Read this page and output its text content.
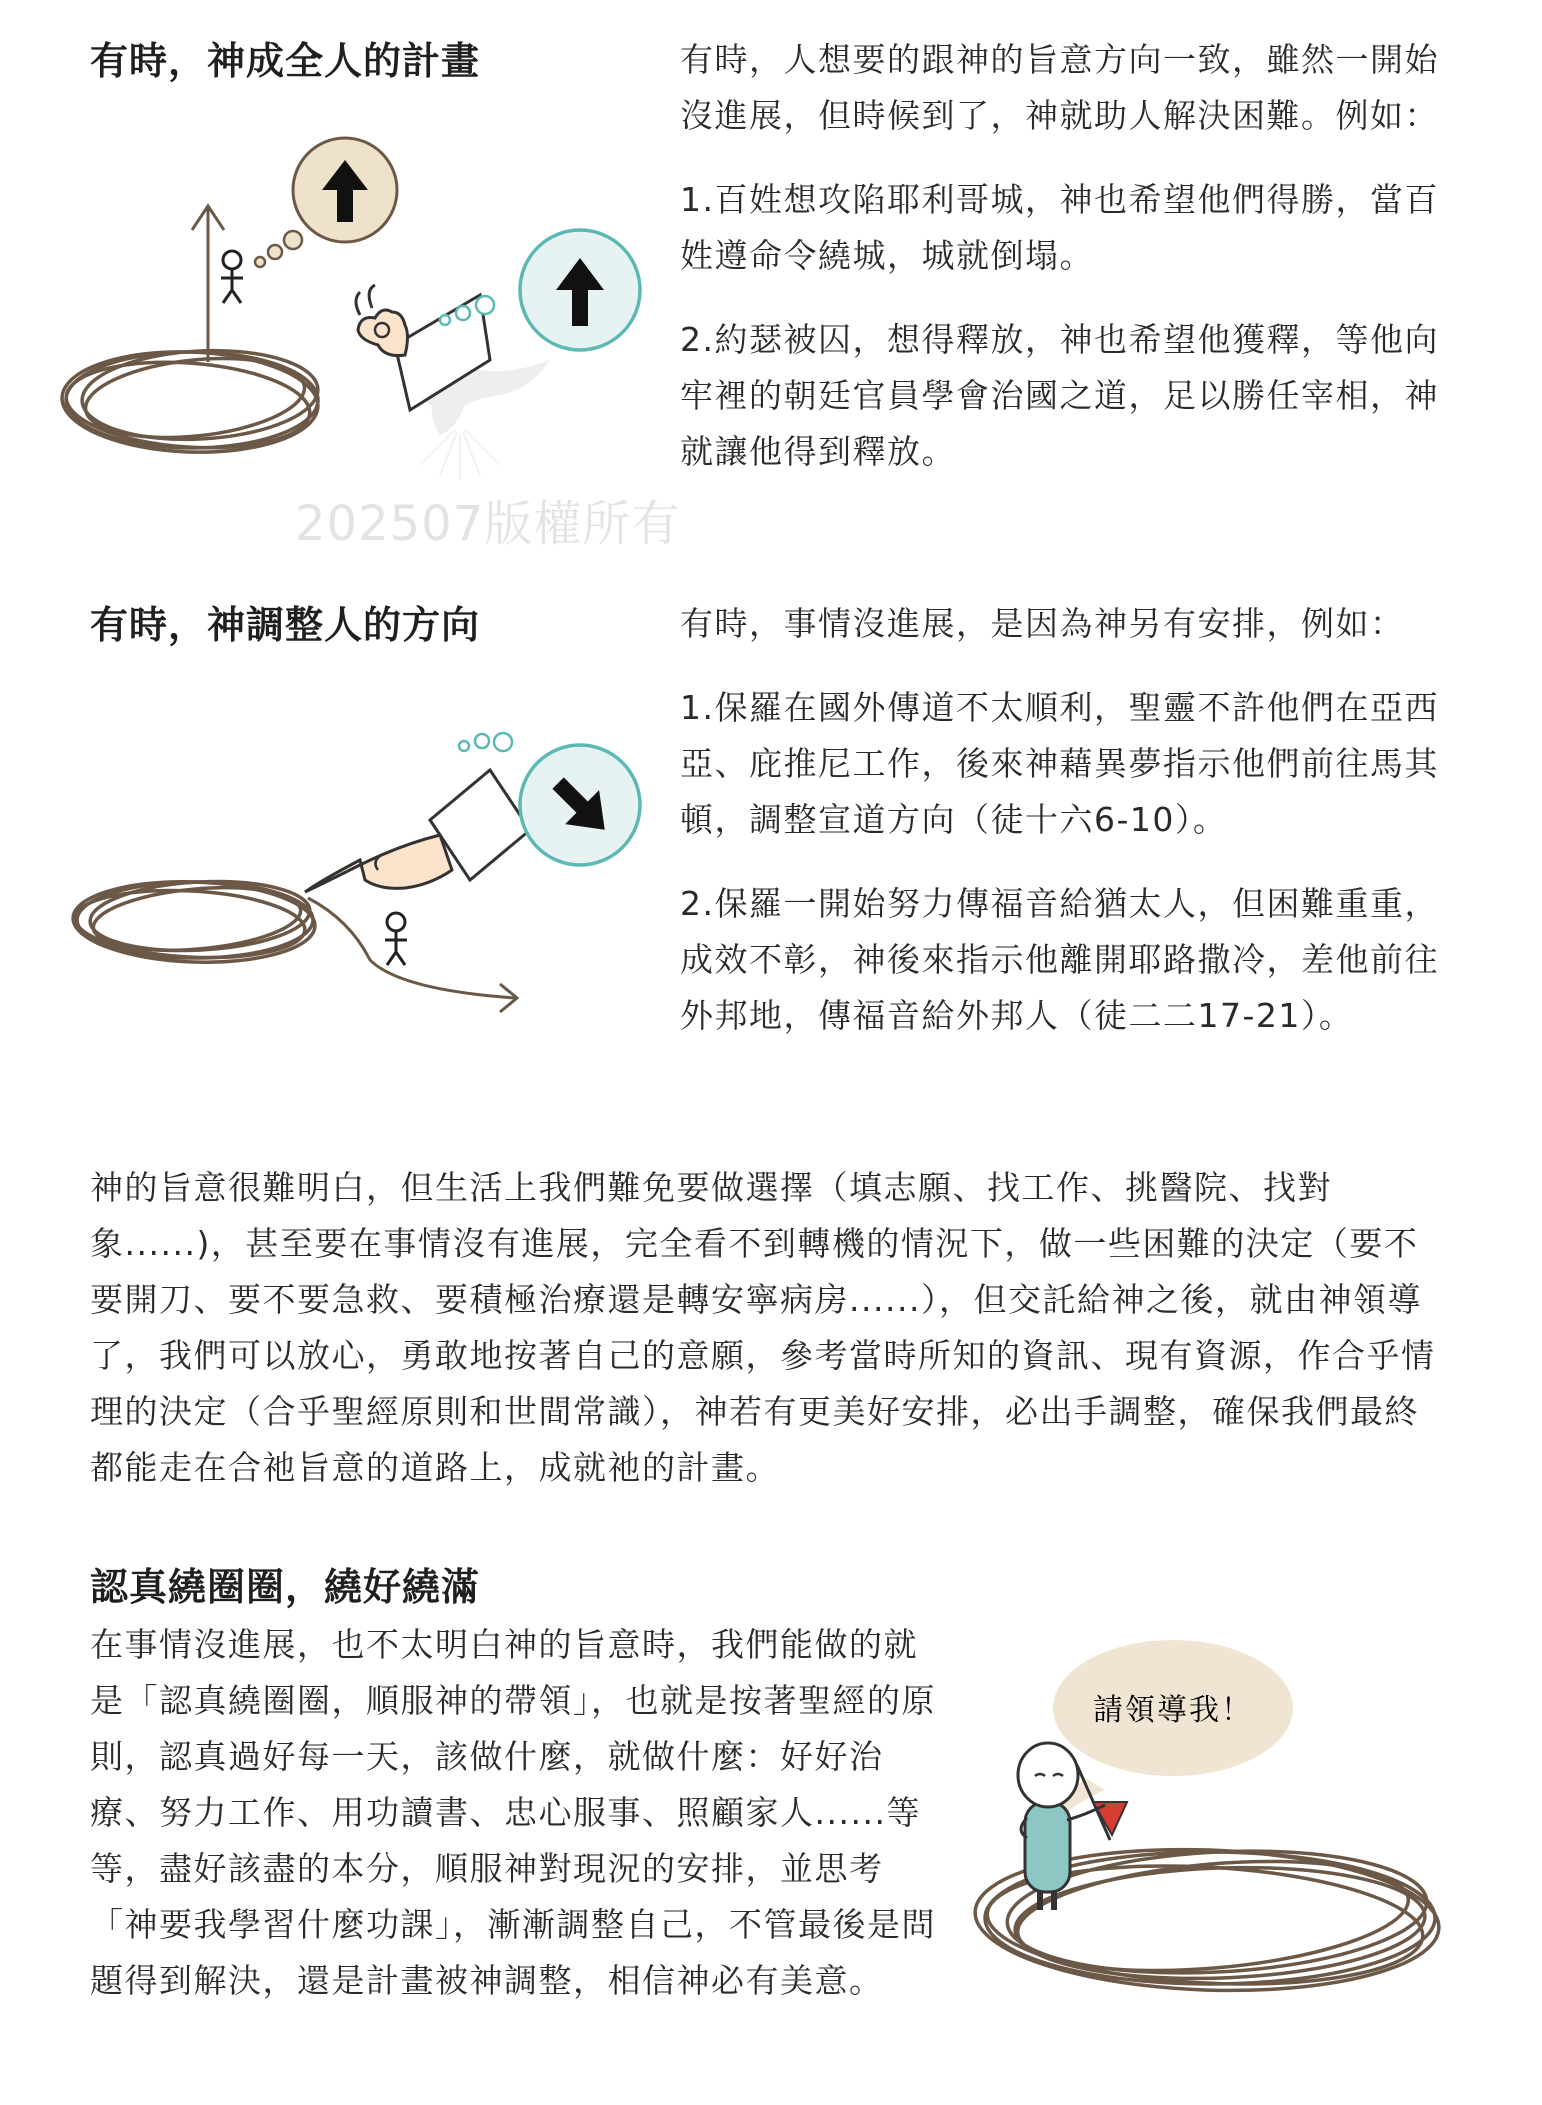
有時，神成全人的計畫	有時，人想要的跟神的旨意方向一致，雖然一開始沒進展，但時候到了，神就助人解決困難。例如：

1.百姓想攻陷耶利哥城，神也希望他們得勝，當百姓遵命令繞城，城就倒塌。

2.約瑟被囚，想得釋放，神也希望他獲釋，等他向牢裡的朝廷官員學會治國之道，足以勝任宰相，神就讓他得到釋放。

202507版權所有
有時，神調整人的方向	有時，事情沒進展，是因為神另有安排，例如：

1.保羅在國外傳道不太順利，聖靈不許他們在亞西亞、庇推尼工作，後來神藉異夢指示他們前往馬其頓，調整宣道方向（徒十六6-10）。

2.保羅一開始努力傳福音給猶太人，但困難重重，成效不彰，神後來指示他離開耶路撒冷，差他前往外邦地，傳福音給外邦人（徒二二17-21）。

神的旨意很難明白，但生活上我們難免要做選擇（填志願、找工作、挑醫院、找對象......)，甚至要在事情沒有進展，完全看不到轉機的情況下，做一些困難的決定（要不要開刀、要不要急救、要積極治療還是轉安寧病房......），但交託給神之後，就由神領導了，我們可以放心，勇敢地按著自己的意願，參考當時所知的資訊、現有資源，作合乎情理的決定（合乎聖經原則和世間常識），神若有更美好安排，必出手調整，確保我們最終都能走在合祂旨意的道路上，成就祂的計畫。

認真繞圈圈，繞好繞滿

在事情沒進展，也不太明白神的旨意時，我們能做的就是「認真繞圈圈，順服神的帶領」，也就是按著聖經的原則，認真過好每一天，該做什麼，就做什麼：好好治療、努力工作、用功讀書、忠心服事、照顧家人......等等，盡好該盡的本分，順服神對現況的安排，並思考「神要我學習什麼功課」，漸漸調整自己，不管最後是問題得到解決，還是計畫被神調整，相信神必有美意。

請領導我！
